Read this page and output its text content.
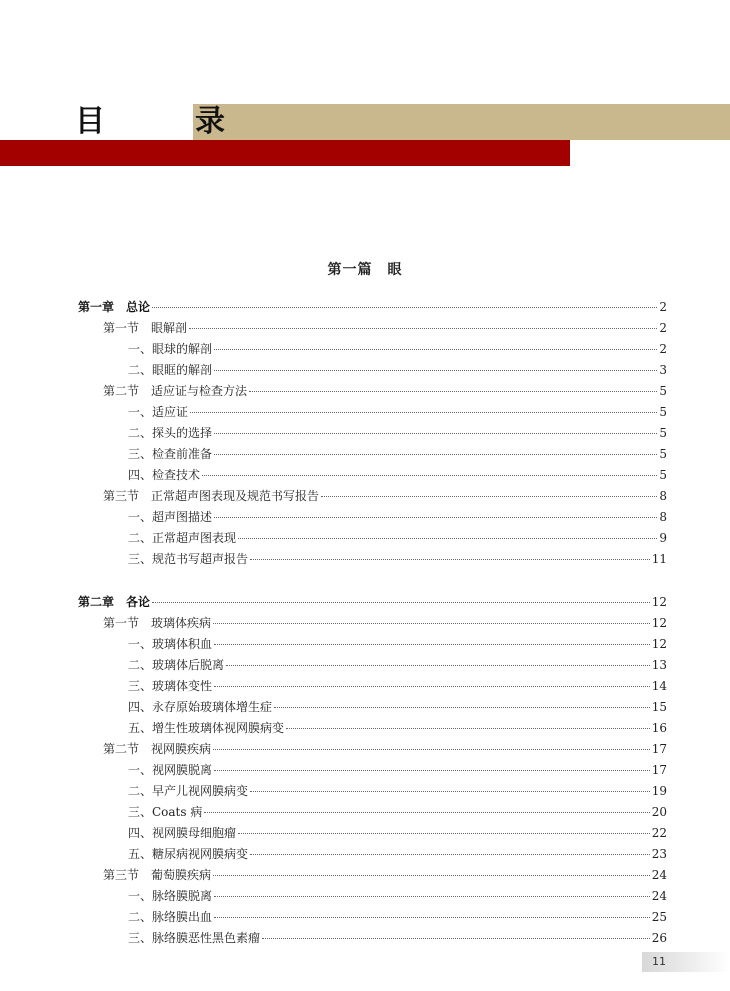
目　录
第一篇　眼
第一章　总论	2
第一节　眼解剖	2
一、眼球的解剖	2
二、眼眶的解剖	3
第二节　适应证与检查方法	5
一、适应证	5
二、探头的选择	5
三、检查前准备	5
四、检查技术	5
第三节　正常超声图表现及规范书写报告	8
一、超声图描述	8
二、正常超声图表现	9
三、规范书写超声报告	11
第二章　各论	12
第一节　玻璃体疾病	12
一、玻璃体积血	12
二、玻璃体后脱离	13
三、玻璃体变性	14
四、永存原始玻璃体增生症	15
五、增生性玻璃体视网膜病变	16
第二节　视网膜疾病	17
一、视网膜脱离	17
二、早产儿视网膜病变	19
三、Coats 病	20
四、视网膜母细胞瘤	22
五、糖尿病视网膜病变	23
第三节　葡萄膜疾病	24
一、脉络膜脱离	24
二、脉络膜出血	25
三、脉络膜恶性黑色素瘤	26
11
